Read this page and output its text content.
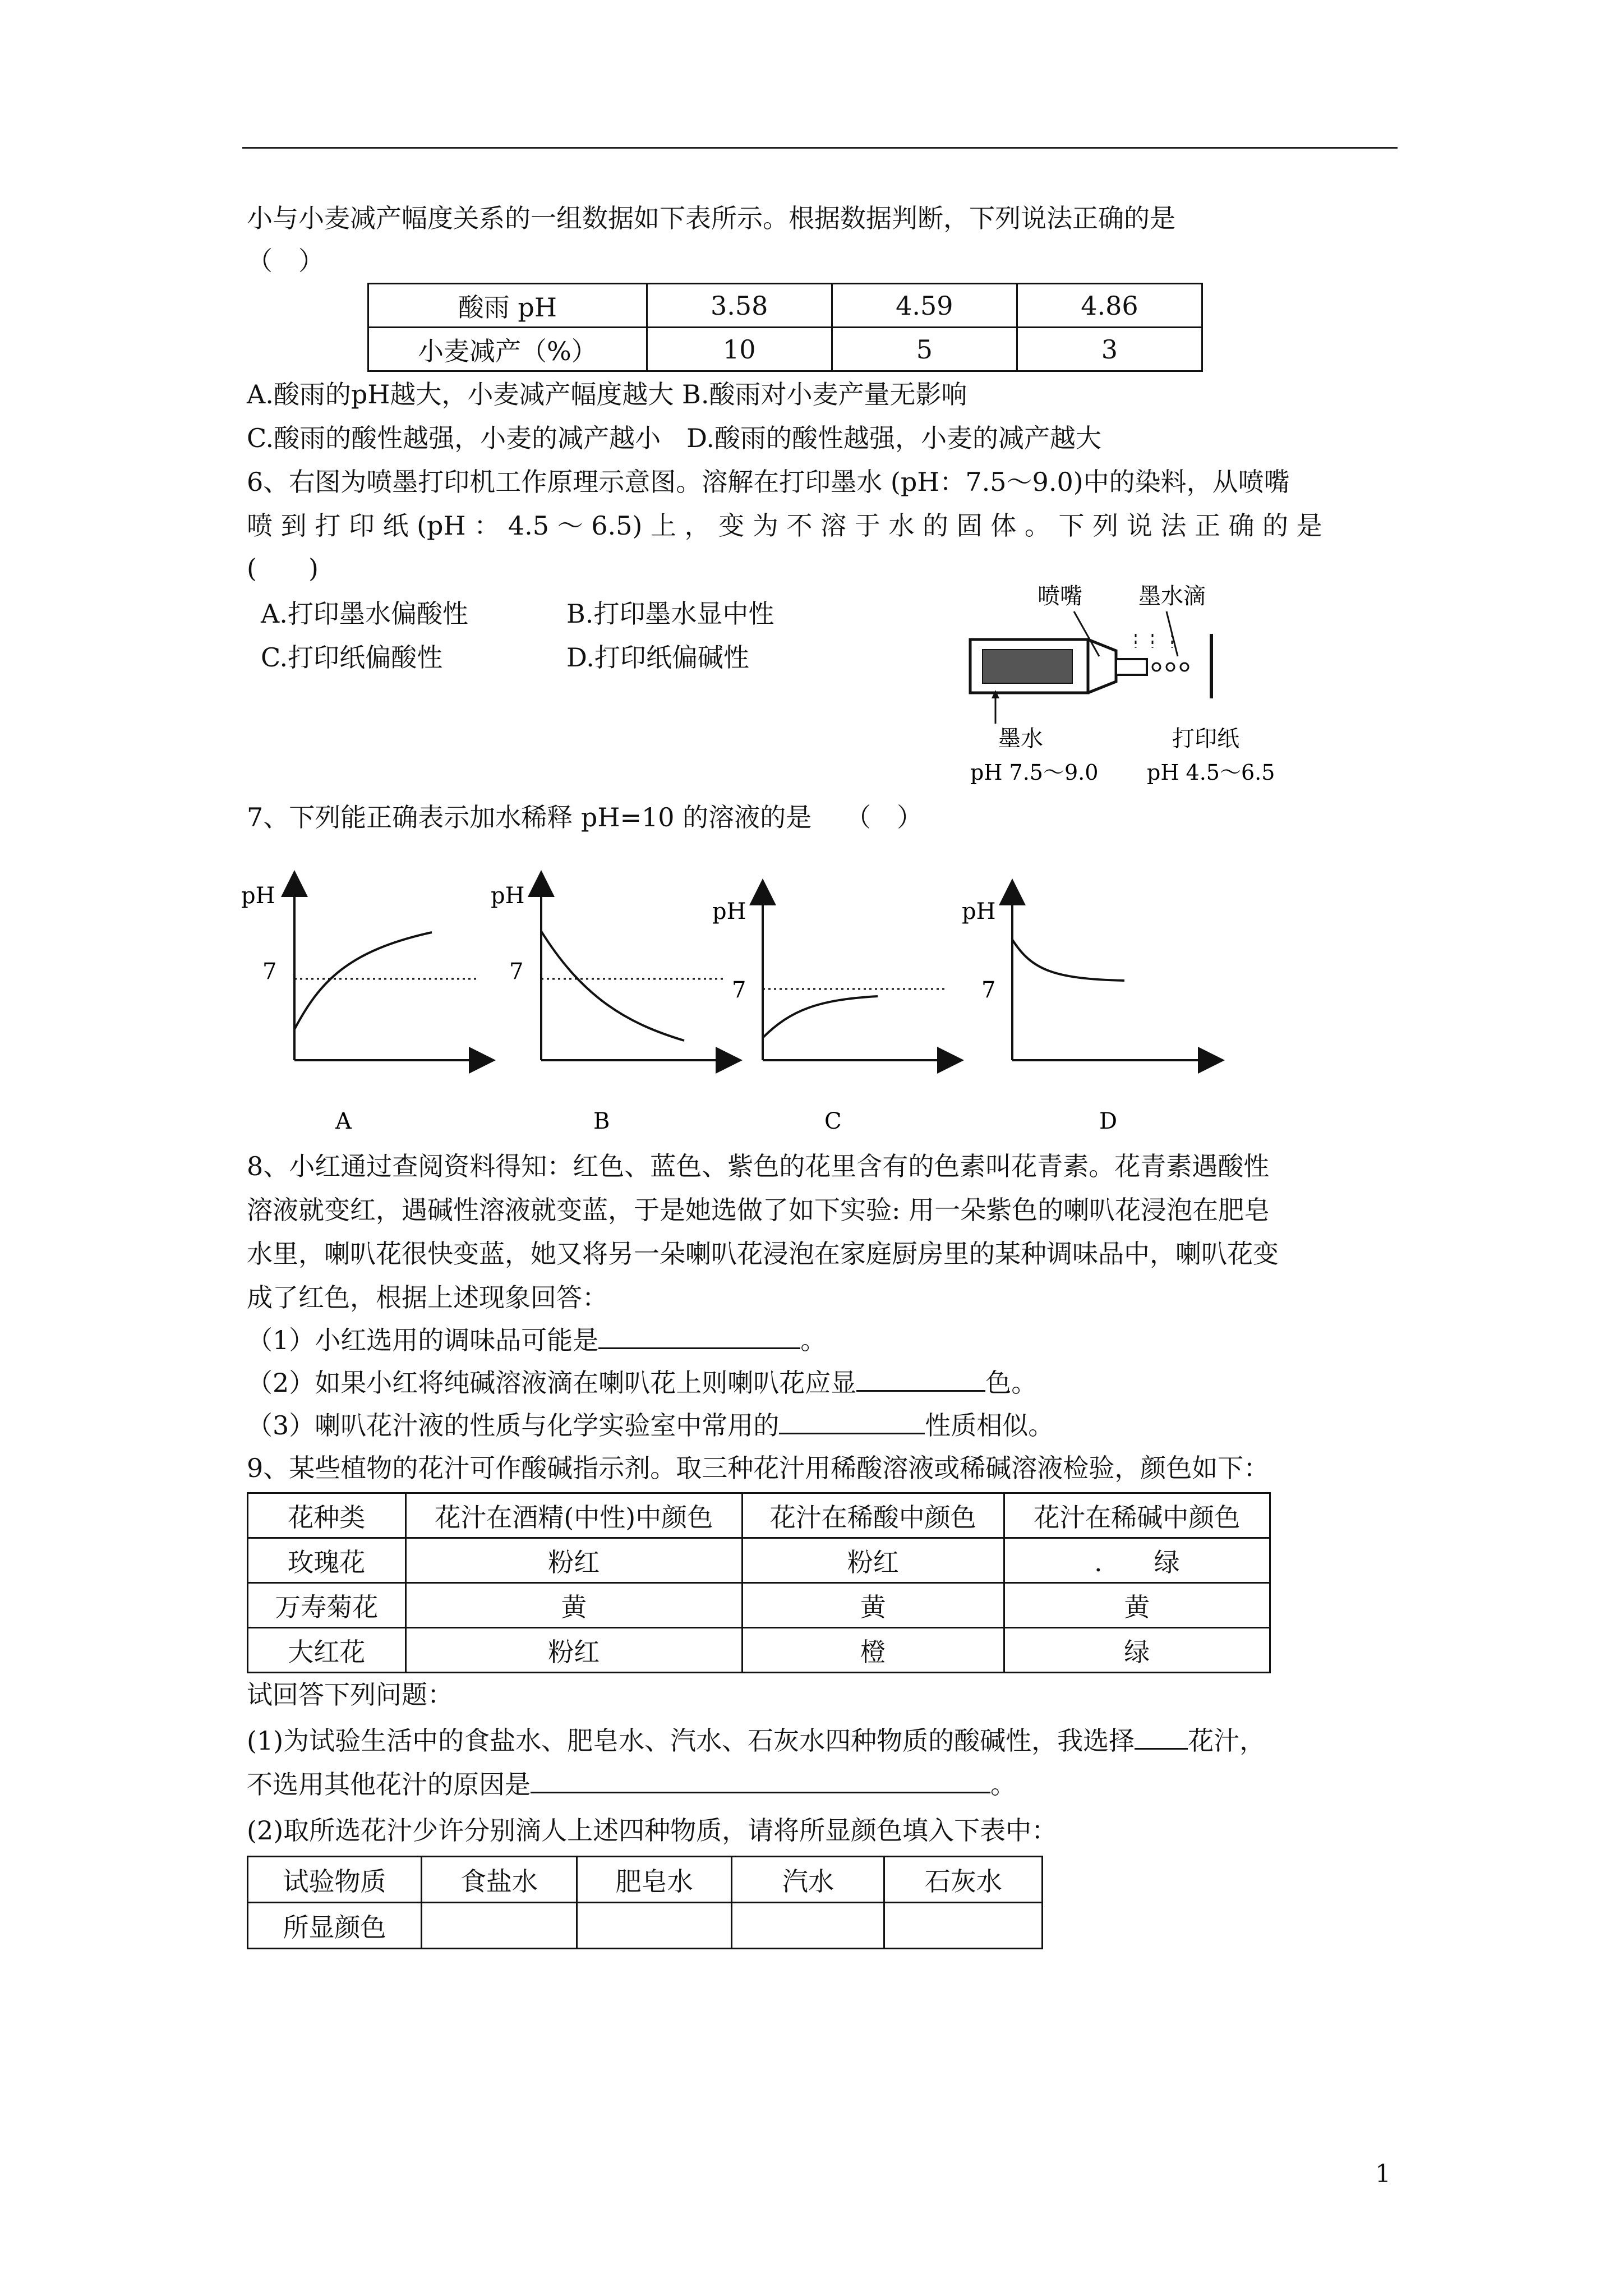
小与小麦减产幅度关系的一组数据如下表所示。根据数据判断，下列说法正确的是
（　）
酸雨 pH	3.58	4.59	4.86
小麦减产（%）	10	5	3
A.酸雨的pH越大，小麦减产幅度越大 B.酸雨对小麦产量无影响
C.酸雨的酸性越强，小麦的减产越小　D.酸雨的酸性越强，小麦的减产越大
6、右图为喷墨打印机工作原理示意图。溶解在打印墨水 (pH：7.5～9.0)中的染料，从喷嘴
喷 到 打 印 纸 (pH ： 4.5 ～ 6.5) 上 ， 变 为 不 溶 于 水 的 固 体 。 下 列 说 法 正 确 的 是
(　　)
A.打印墨水偏酸性	B.打印墨水显中性
C.打印纸偏酸性	D.打印纸偏碱性
喷嘴	墨水滴
墨水
pH 7.5～9.0
打印纸
pH 4.5～6.5
7、下列能正确表示加水稀释 pH=10 的溶液的是 （　）
pH
7
A
pH
7
B
pH
7
C
pH
7
D
8、小红通过查阅资料得知：红色、蓝色、紫色的花里含有的色素叫花青素。花青素遇酸性
溶液就变红，遇碱性溶液就变蓝，于是她选做了如下实验: 用一朵紫色的喇叭花浸泡在肥皂
水里，喇叭花很快变蓝，她又将另一朵喇叭花浸泡在家庭厨房里的某种调味品中，喇叭花变
成了红色，根据上述现象回答：
（1）小红选用的调味品可能是	。
（2）如果小红将纯碱溶液滴在喇叭花上则喇叭花应显	色。
（3）喇叭花汁液的性质与化学实验室中常用的	性质相似。
9、某些植物的花汁可作酸碱指示剂。取三种花汁用稀酸溶液或稀碱溶液检验，颜色如下：
花种类	花汁在酒精(中性)中颜色	花汁在稀酸中颜色	花汁在稀碱中颜色
玫瑰花	粉红	粉红	.　　绿
万寿菊花	黄	黄	黄
大红花	粉红	橙	绿
试回答下列问题：
(1)为试验生活中的食盐水、肥皂水、汽水、石灰水四种物质的酸碱性，我选择 花汁，
不选用其他花汁的原因是	。
(2)取所选花汁少许分别滴人上述四种物质，请将所显颜色填入下表中：
试验物质	食盐水	肥皂水	汽水	石灰水
所显颜色				
1
